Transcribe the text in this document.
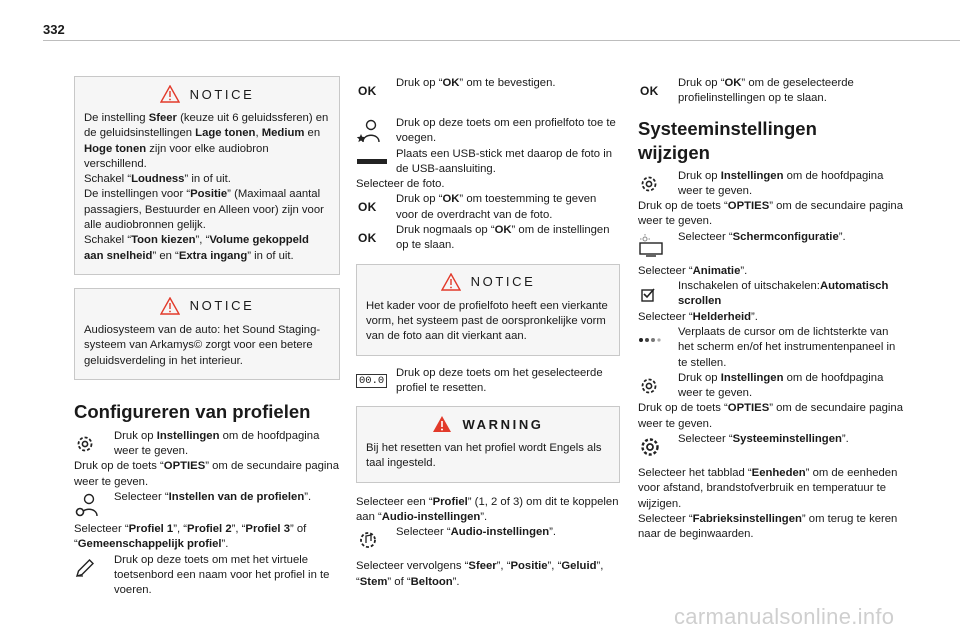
332
NOTICE

De instelling Sfeer (keuze uit 6 geluidssferen) en de geluidsinstellingen Lage tonen, Medium en Hoge tonen zijn voor elke audiobron verschillend.
Schakel “Loudness” in of uit.
De instellingen voor “Positie” (Maximaal aantal passagiers, Bestuurder en Alleen voor) zijn voor alle audiobronnen gelijk.
Schakel “Toon kiezen”, “Volume gekoppeld aan snelheid” en “Extra ingang” in of uit.

NOTICE

Audiosysteem van de auto: het Sound Staging-systeem van Arkamys© zorgt voor een betere geluidsverdeling in het interieur.

Configureren van profielen

Druk op Instellingen om de hoofdpagina weer te geven.

Druk op de toets “OPTIES” om de secundaire pagina weer te geven.

Selecteer “Instellen van de profielen”.

Selecteer “Profiel 1”, “Profiel 2”, “Profiel 3” of “Gemeenschappelijk profiel”.

Druk op deze toets om met het virtuele toetsenbord een naam voor het profiel in te voeren.

OK

Druk op “OK” om te bevestigen.

Druk op deze toets om een profielfoto toe te voegen.

Plaats een USB-stick met daarop de foto in de USB-aansluiting.

Selecteer de foto.

OK

Druk op “OK” om toestemming te geven voor de overdracht van de foto.

OK

Druk nogmaals op “OK” om de instellingen op te slaan.

NOTICE

Het kader voor de profielfoto heeft een vierkante vorm, het systeem past de oorspronkelijke vorm van de foto aan dit vierkant aan.

00.0

Druk op deze toets om het geselecteerde profiel te resetten.

WARNING

Bij het resetten van het profiel wordt Engels als taal ingesteld.

Selecteer een “Profiel” (1, 2 of 3) om dit te koppelen aan “Audio-instellingen”.

Selecteer “Audio-instellingen”.

Selecteer vervolgens “Sfeer”, “Positie”, “Geluid”, “Stem” of “Beltoon”.

OK

Druk op “OK” om de geselecteerde profielinstellingen op te slaan.

Systeeminstellingen
wijzigen

Druk op Instellingen om de hoofdpagina weer te geven.

Druk op de toets “OPTIES” om de secundaire pagina weer te geven.

Selecteer “Schermconfiguratie”.

Selecteer “Animatie”.

Inschakelen of uitschakelen:Automatisch scrollen

Selecteer “Helderheid”.

Verplaats de cursor om de lichtsterkte van het scherm en/of het instrumentenpaneel in te stellen.

Druk op Instellingen om de hoofdpagina weer te geven.

Druk op de toets “OPTIES” om de secundaire pagina weer te geven.

Selecteer “Systeeminstellingen”.

Selecteer het tabblad “Eenheden” om de eenheden voor afstand, brandstofverbruik en temperatuur te wijzigen.

Selecteer “Fabrieksinstellingen” om terug te keren naar de beginwaarden.

carmanualsonline.info
